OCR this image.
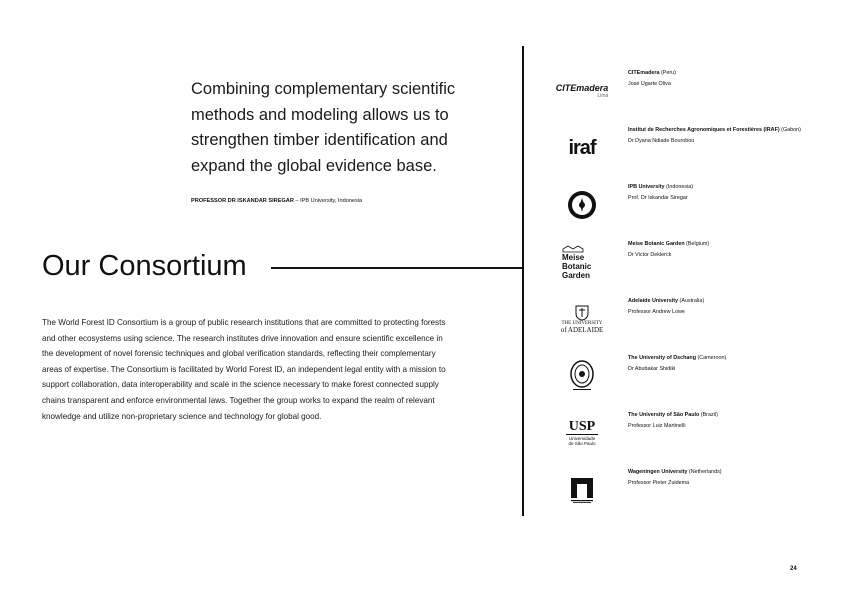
Combining complementary scientific
methods and modeling allows us to
strengthen timber identification and
expand the global evidence base.
PROFESSOR DR ISKANDAR SIREGAR – IPB University, Indonesia
Our Consortium

The World Forest ID Consortium is a group of public research institutions that are committed to protecting forests and other ecosystems using science. The research institutes drive innovation and ensure scientific excellence in the development of novel forensic techniques and global verification standards, reflecting their complementary areas of expertise. The Consortium is facilitated by World Forest ID, an independent legal entity with a mission to support collaboration, data interoperability and scale in the science necessary to make forest connected supply chains transparent and enforce environmental laws. Together the group works to expand the realm of relevant knowledge and utilize non-proprietary science and technology for global good.

CITEmadera
Lima
CITEmadera (Peru)
José Ugarte Oliva
iraf
Institut de Recherches Agronomiques et Forestières (IRAF) (Gabon)
Dr Dyana Ndiade Bourobou
IPB University (Indonesia)
Prof. Dr Iskandar Siregar
Meise Botanic Garden
Meise Botanic Garden (Belgium)
Dr Victor Deklerck
THE UNIVERSITY
of ADELAIDE
Adelaide University (Australia)
Professor Andrew Lowe
The University of Dschang (Cameroon)
Dr Abubakar Shidiki
USP
Universidade de São Paulo
The University of São Paulo (Brazil)
Professor Luiz Martinelli
Wageningen University (Netherlands)
Professor Pieter Zuidema
24
